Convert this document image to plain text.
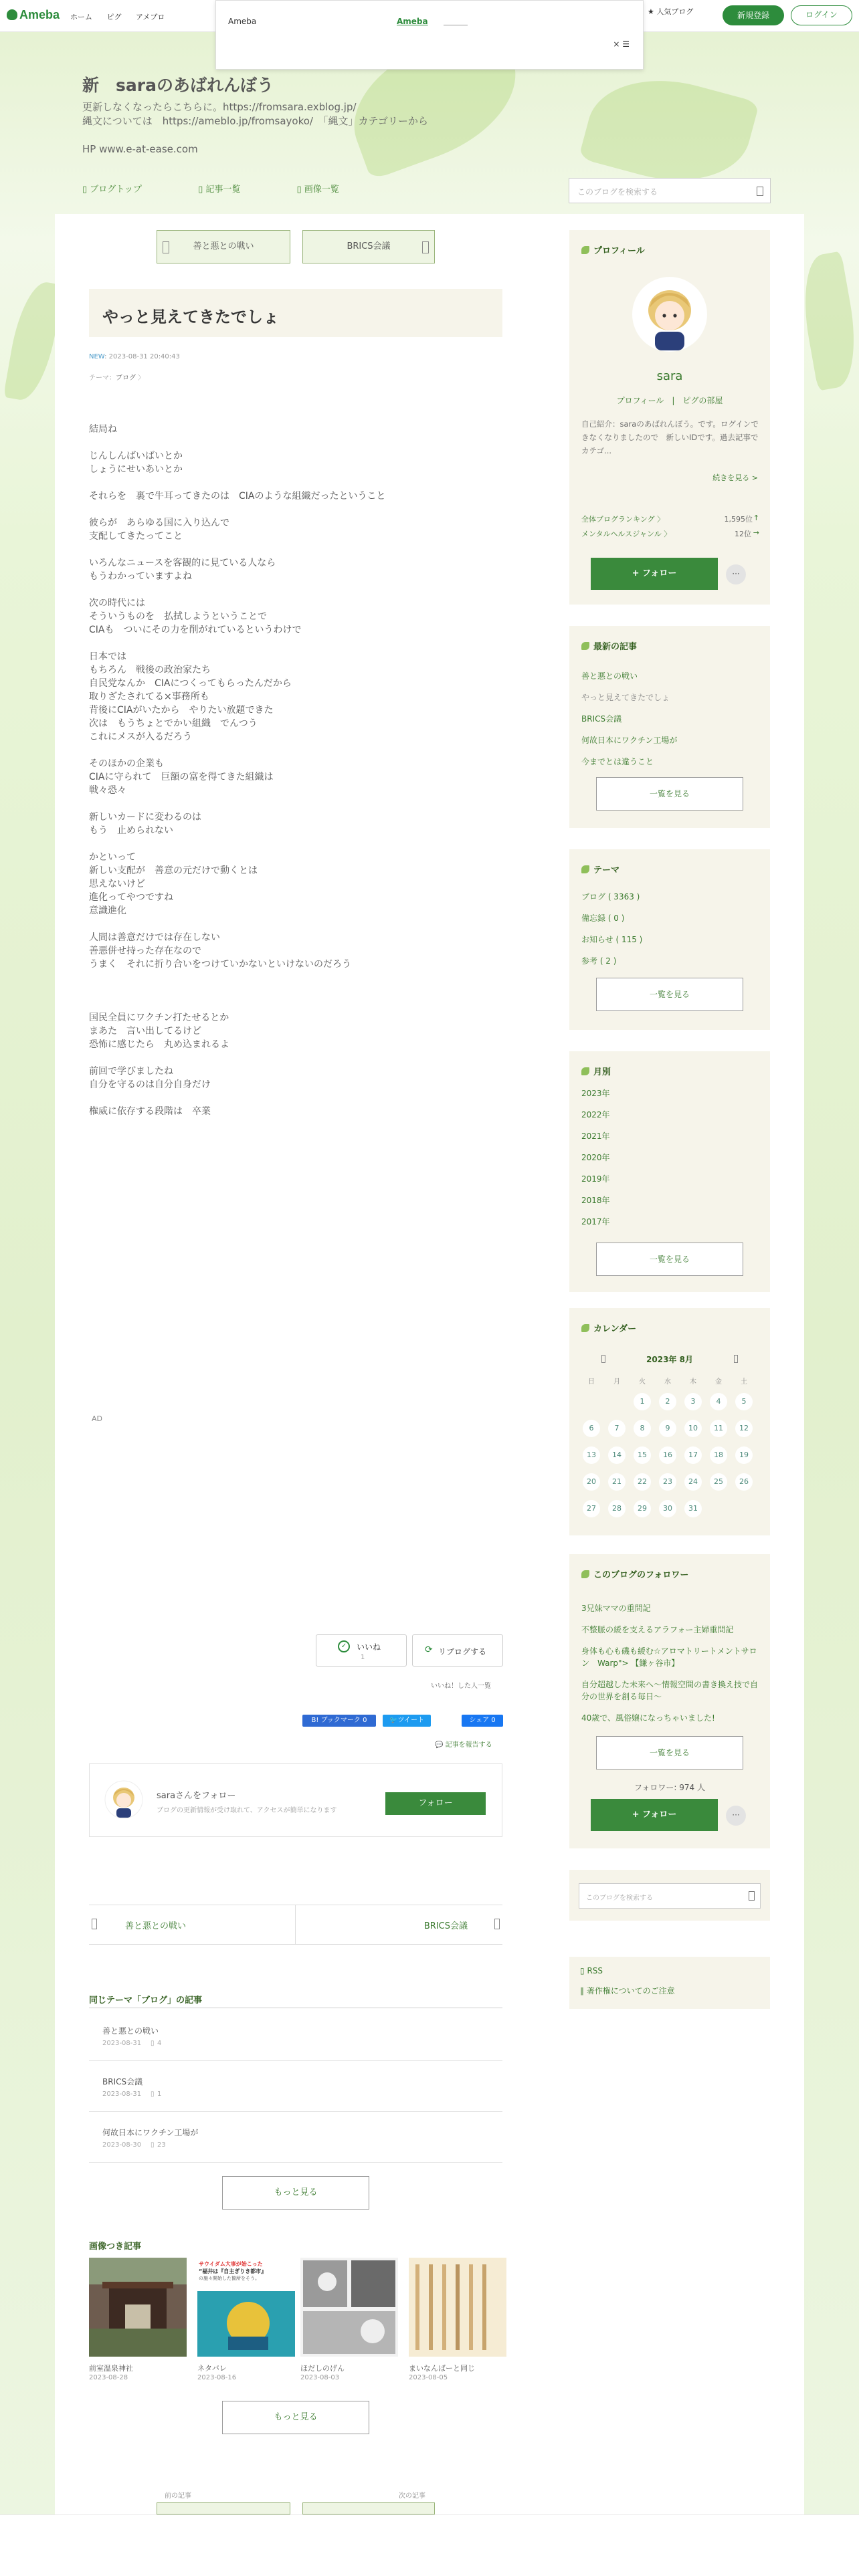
Ameba ホーム ピグ アメブロ
★ 人気ブログ	新規登録	ログイン
Ameba	Ameba
× ☰
新　saraのあばれんぼう
更新しなくなったらこちらに。https://fromsara.exblog.jp/
縄文については　https://ameblo.jp/fromsayoko/　「縄文」カテゴリーから
HP www.e-at-ease.com
▯ ブログトップ	▯ 記事一覧	▯ 画像一覧	このブログを検索する
善と悪との戦い	BRICS会議
やっと見えてきたでしょ
NEW: 2023-08-31 20:40:43
テーマ：ブログ 〉

結局ね

じんしんばいばいとか
しょうにせいあいとか

それらを　裏で牛耳ってきたのは　CIAのような組織だったということ

彼らが　あらゆる国に入り込んで
支配してきたってこと

いろんなニュースを客観的に見ている人なら
もうわかっていますよね

次の時代には
そういうものを　払拭しようということで
CIAも　ついにその力を削がれているというわけで

日本では
もちろん　戦後の政治家たち
自民党なんか　CIAにつくってもらったんだから
取りざたされてる×事務所も
背後にCIAがいたから　やりたい放題できた
次は　もうちょとでかい組織　でんつう
これにメスが入るだろう

そのほかの企業も
CIAに守られて　巨額の富を得てきた組織は
戦々恐々

新しいカードに変わるのは
もう　止められない

かといって
新しい支配が　善意の元だけで動くとは
思えないけど
進化ってやつですね
意識進化

人間は善意だけでは存在しない
善悪併せ持った存在なので
うまく　それに折り合いをつけていかないといけないのだろう

国民全員にワクチン打たせるとか
まあた　言い出してるけど
恐怖に感じたら　丸め込まれるよ

前回で学びましたね
自分を守るのは自分自身だけ

権威に依存する段階は　卒業

AD
✓	いいね
1
⟳ リブログする
いいね！した人一覧
B! ブックマーク 0	🐦ツイート	シェア 0
💬 記事を報告する
saraさんをフォロー
ブログの更新情報が受け取れて、アクセスが簡単になります
フォロー
善と悪との戦い	BRICS会議
同じテーマ「ブログ」の記事
善と悪との戦い
2023-08-31 ▯ 4
BRICS会議
2023-08-31 ▯ 1
何故日本にワクチン工場が
2023-08-30 ▯ 23
もっと見る
画像つき記事
サウイダム大事が始こった
“福井は『自主ぎりき都市』
の施々開始した箇所をそう。
前室温泉神社	ネタバレ	ほだしのげん	まいなんばーと同じ
2023-08-28	2023-08-16	2023-08-03	2023-08-05
もっと見る
前の記事	次の記事
プロフィール
sara
プロフィール　|　ピグの部屋
自己紹介：saraのあばれんぼう。です。ログインできなくなりましたので　新しいIDです。過去記事でカテゴ...
続きを見る >
全体ブログランキング 〉	1,595位 ↑
メンタルヘルスジャンル 〉	12位 →
+ フォロー	···
最新の記事
善と悪との戦い
やっと見えてきたでしょ
BRICS会議
何故日本にワクチン工場が
今までとは違うこと
一覧を見る
テーマ
ブログ ( 3363 )
備忘録 ( 0 )
お知らせ ( 115 )
参考 ( 2 )
一覧を見る
月別
2023年
2022年
2021年
2020年
2019年
2018年
2017年
一覧を見る
カレンダー
2023年 8月
日	月	火	水	木	金	土
		1	2	3	4	5
6	7	8	9	10	11	12
13	14	15	16	17	18	19
20	21	22	23	24	25	26
27	28	29	30	31		
このブログのフォロワー
3兄妹ママの重問記
不整脈の緩を支えるアラフォー主婦重問記
身体も心も磯も緩む☆アロマトリートメントサロン　Warp"> 【鎌ヶ谷市】
自分超越した未来へ〜情報空間の書き換え技で自分の世界を創る毎日〜
40歳で、風俗嬢になっちゃいました!
一覧を見る
フォロワー: 974 人
+ フォロー	···
このブログを検索する
▯ RSS
∥ 著作権についてのご注意
